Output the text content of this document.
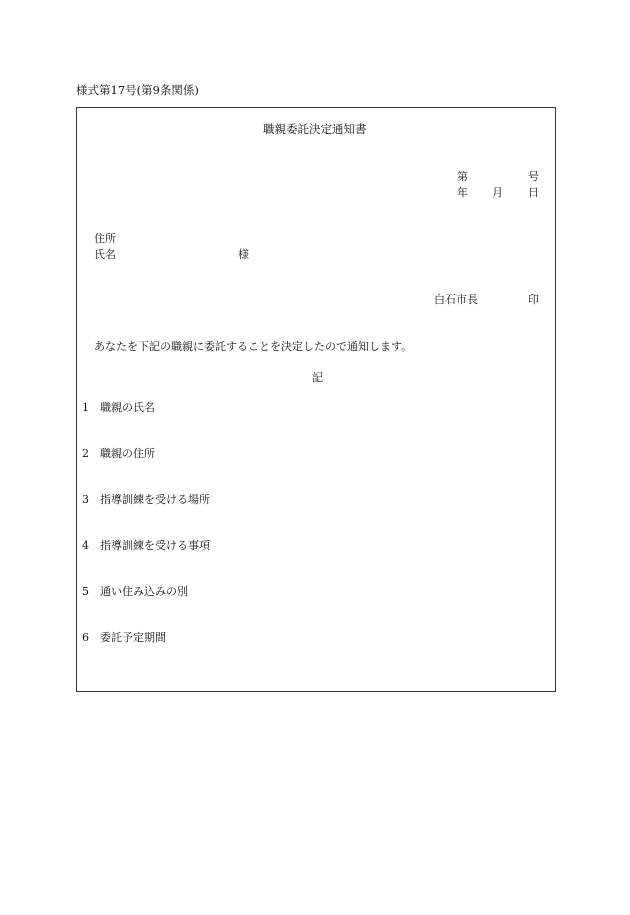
様式第17号(第9条関係)
職親委託決定通知書
第	号
年 月 日
住所
氏名	様
白石市長	印
あなたを下記の職親に委託することを決定したので通知します。
記
1 職親の氏名
2 職親の住所
3 指導訓練を受ける場所
4 指導訓練を受ける事項
5 通い住み込みの別
6 委託予定期間
